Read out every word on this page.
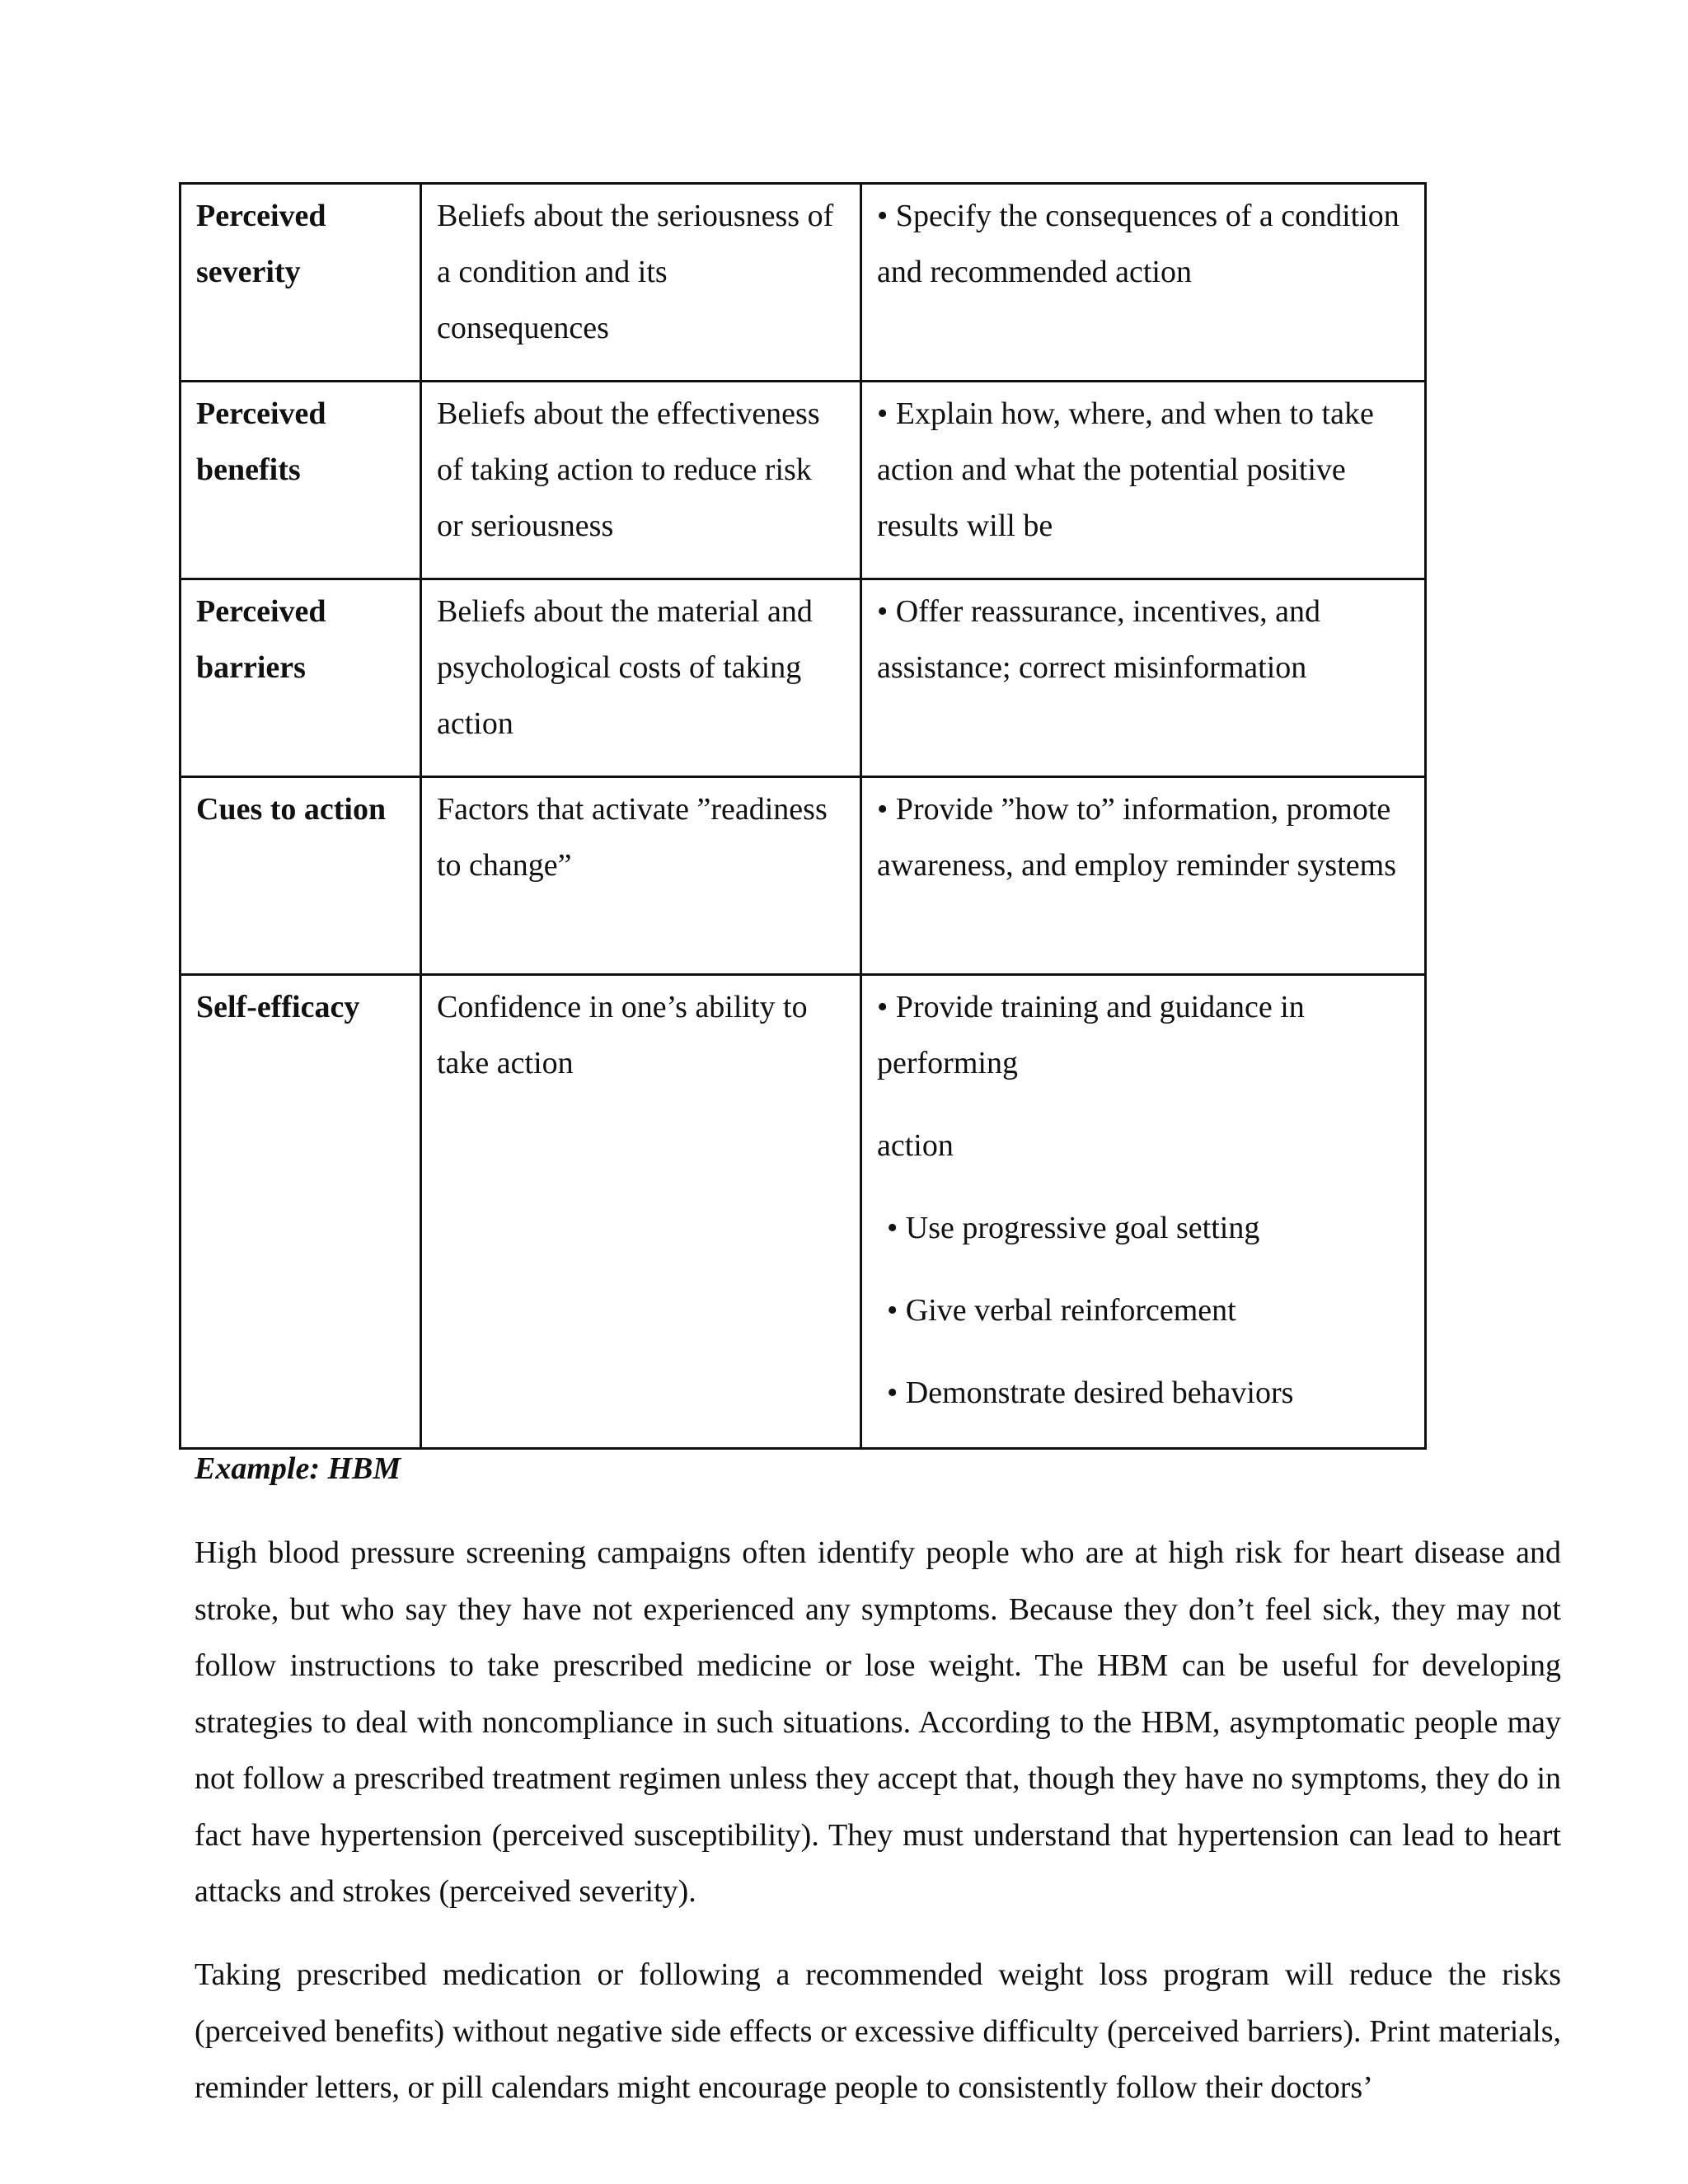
Perceived severity	Beliefs about the seriousness of a condition and its consequences	• Specify the consequences of a condition and recommended action

Perceived benefits	Beliefs about the effectiveness of taking action to reduce risk or seriousness	• Explain how, where, and when to take action and what the potential positive results will be

Perceived barriers	Beliefs about the material and psychological costs of taking action	• Offer reassurance, incentives, and assistance; correct misinformation

Cues to action	Factors that activate ”readiness to change”	• Provide ”how to” information, promote awareness, and employ reminder systems

Self-efficacy	Confidence in one’s ability to take action	• Provide training and guidance in performing
action
• Use progressive goal setting
• Give verbal reinforcement
• Demonstrate desired behaviors
Example: HBM

High blood pressure screening campaigns often identify people who are at high risk for heart disease and stroke, but who say they have not experienced any symptoms. Because they don’t feel sick, they may not follow instructions to take prescribed medicine or lose weight. The HBM can be useful for developing strategies to deal with noncompliance in such situations. According to the HBM, asymptomatic people may not follow a prescribed treatment regimen unless they accept that, though they have no symptoms, they do in fact have hypertension (perceived susceptibility). They must understand that hypertension can lead to heart attacks and strokes (perceived severity).

Taking prescribed medication or following a recommended weight loss program will reduce the risks (perceived benefits) without negative side effects or excessive difficulty (perceived barriers). Print materials, reminder letters, or pill calendars might encourage people to consistently follow their doctors’
